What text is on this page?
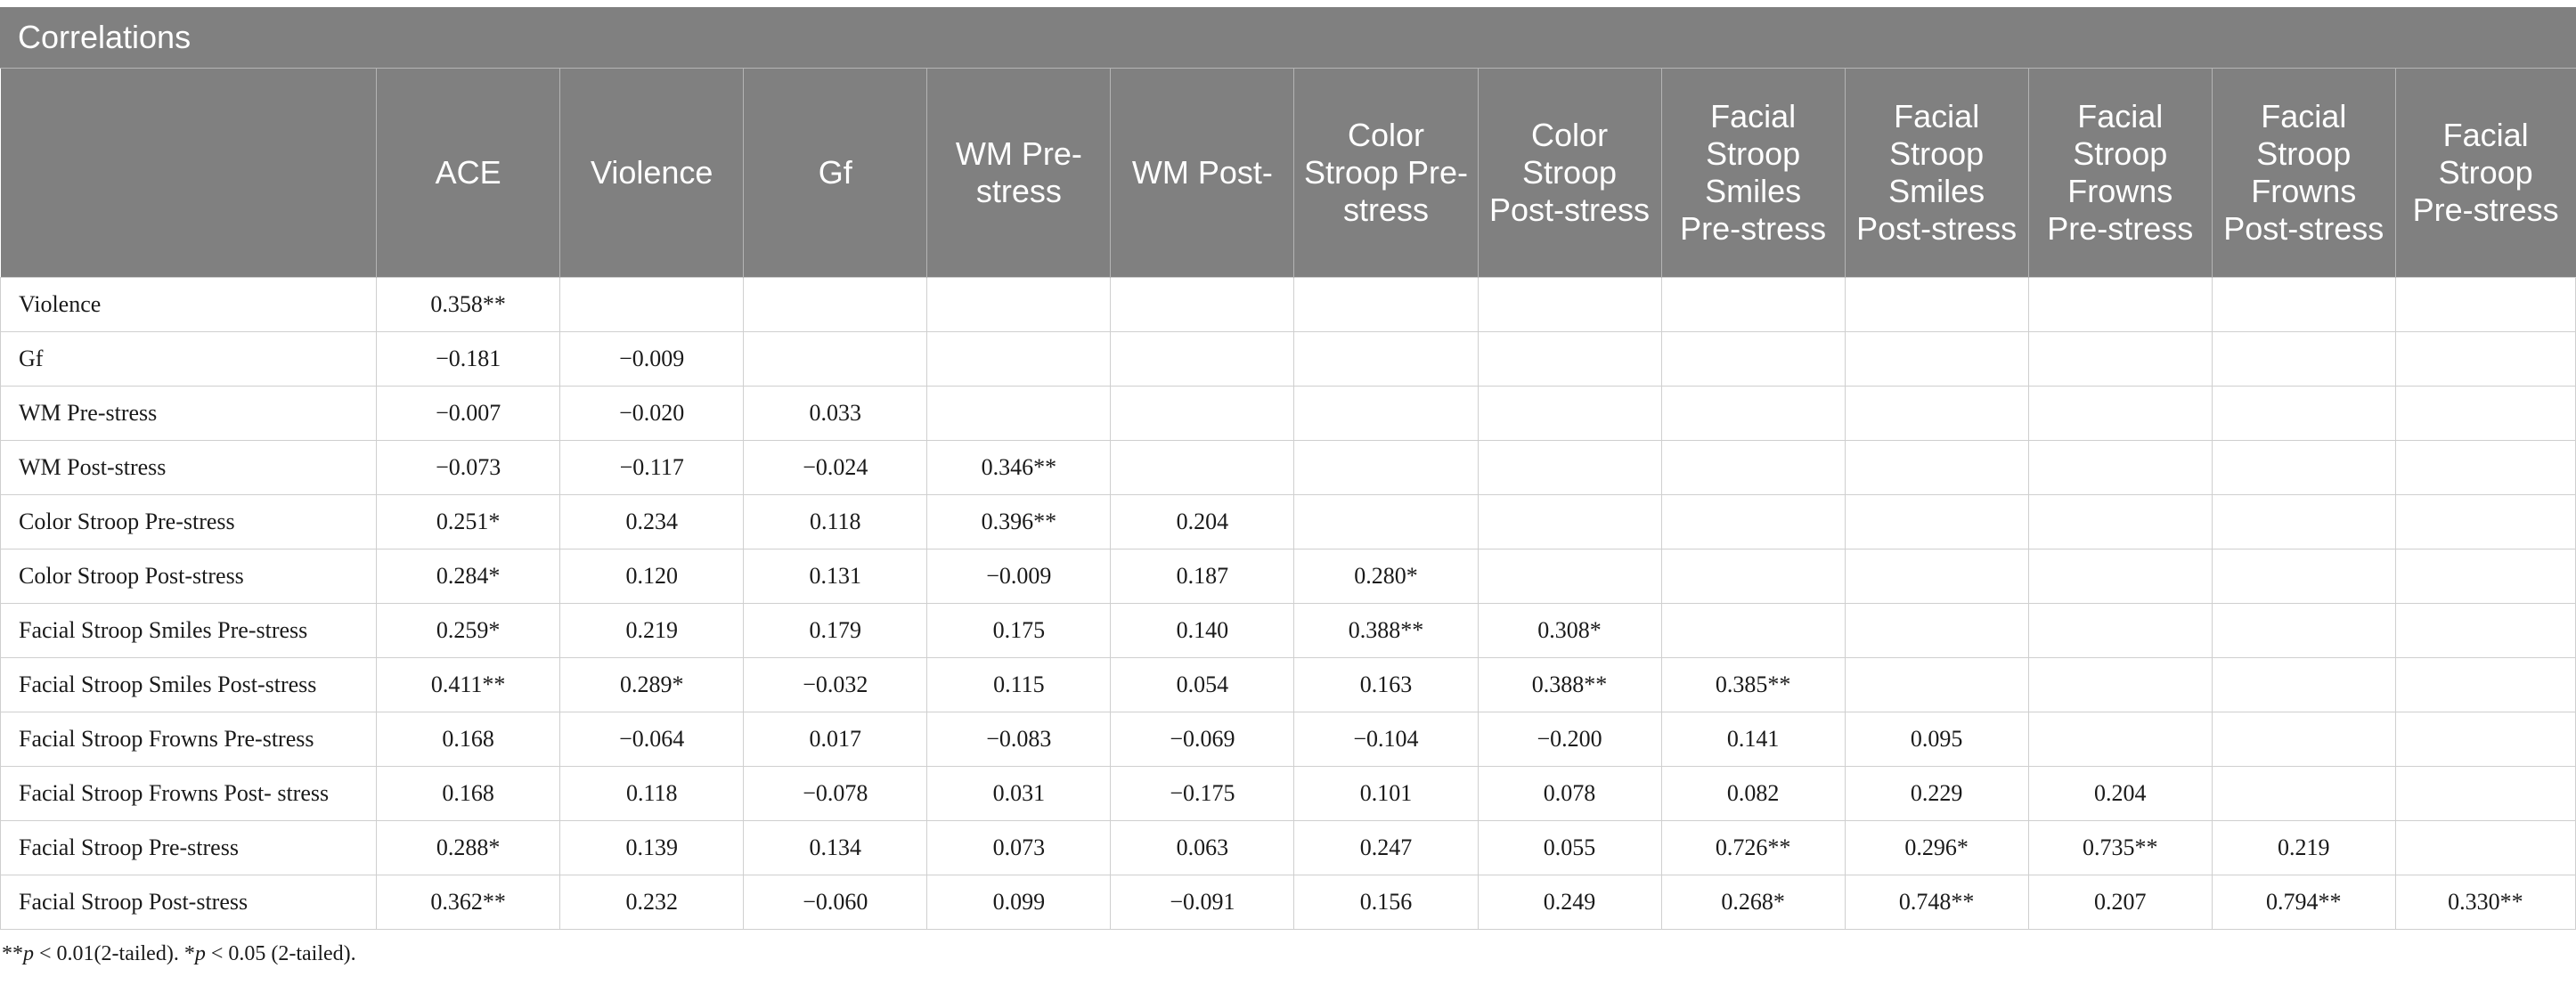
Correlations
	ACE	Violence	Gf	WM Pre-stress	WM Post-	Color Stroop Pre-stress	Color Stroop Post-stress	Facial Stroop Smiles Pre-stress	Facial Stroop Smiles Post-stress	Facial Stroop Frowns Pre-stress	Facial Stroop Frowns Post-stress	Facial Stroop Pre-stress
Violence	0.358**											
Gf	−0.181	−0.009										
WM Pre-stress	−0.007	−0.020	0.033									
WM Post-stress	−0.073	−0.117	−0.024	0.346**								
Color Stroop Pre-stress	0.251*	0.234	0.118	0.396**	0.204							
Color Stroop Post-stress	0.284*	0.120	0.131	−0.009	0.187	0.280*						
Facial Stroop Smiles Pre-stress	0.259*	0.219	0.179	0.175	0.140	0.388**	0.308*					
Facial Stroop Smiles Post-stress	0.411**	0.289*	−0.032	0.115	0.054	0.163	0.388**	0.385**				
Facial Stroop Frowns Pre-stress	0.168	−0.064	0.017	−0.083	−0.069	−0.104	−0.200	0.141	0.095			
Facial Stroop Frowns Post- stress	0.168	0.118	−0.078	0.031	−0.175	0.101	0.078	0.082	0.229	0.204		
Facial Stroop Pre-stress	0.288*	0.139	0.134	0.073	0.063	0.247	0.055	0.726**	0.296*	0.735**	0.219	
Facial Stroop Post-stress	0.362**	0.232	−0.060	0.099	−0.091	0.156	0.249	0.268*	0.748**	0.207	0.794**	0.330**
**p < 0.01(2-tailed). *p < 0.05 (2-tailed).
